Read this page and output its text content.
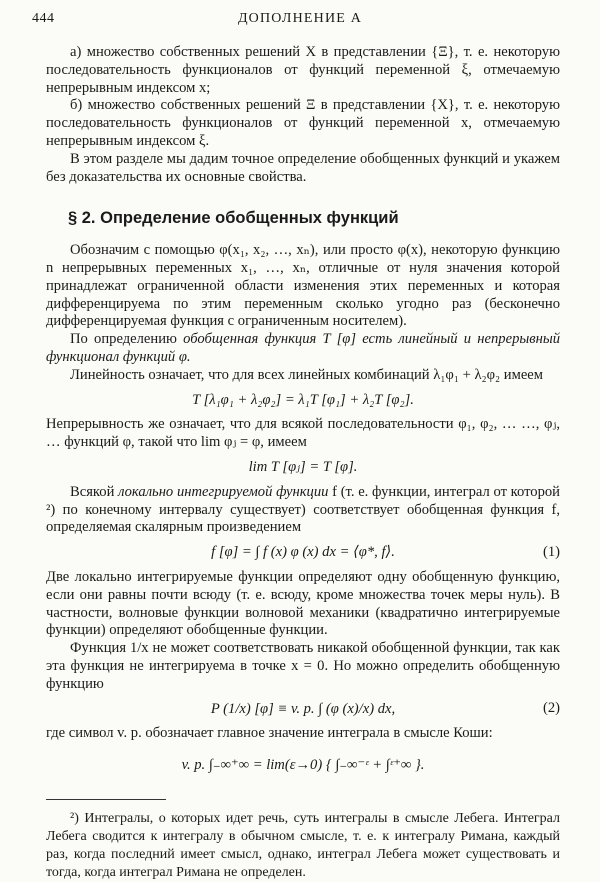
444	ДОПОЛНЕНИЕ А

а) множество собственных решений X в представлении {Ξ}, т. е. некоторую последовательность функционалов от функций переменной ξ, отмечаемую непрерывным индексом x;

б) множество собственных решений Ξ в представлении {X}, т. е. некоторую последовательность функционалов от функций переменной x, отмечаемую непрерывным индексом ξ.

В этом разделе мы дадим точное определение обобщенных функций и укажем без доказательства их основные свойства.

§ 2. Определение обобщенных функций

Обозначим с помощью φ(x₁, x₂, …, xₙ), или просто φ(x), некоторую функцию n непрерывных переменных x₁, …, xₙ, отличные от нуля значения которой принадлежат ограниченной области изменения этих переменных и которая дифференцируема по этим переменным сколько угодно раз (бесконечно дифференцируемая функция с ограниченным носителем).

По определению обобщенная функция T [φ] есть линейный и непрерывный функционал функций φ.

Линейность означает, что для всех линейных комбинаций λ₁φ₁ + λ₂φ₂ имеем

T [λ₁φ₁ + λ₂φ₂] = λ₁T [φ₁] + λ₂T [φ₂].

Непрерывность же означает, что для всякой последовательности φ₁, φ₂, … …, φⱼ, … функций φ, такой что lim φⱼ = φ, имеем

lim T [φⱼ] = T [φ].

Всякой локально интегрируемой функции f (т. е. функции, интеграл от которой ²) по конечному интервалу существует) соответствует обобщенная функция f, определяемая скалярным произведением

f [φ] = ∫ f (x) φ (x) dx = ⟨φ*, f⟩.	(1)

Две локально интегрируемые функции определяют одну обобщенную функцию, если они равны почти всюду (т. е. всюду, кроме множества точек меры нуль). В частности, волновые функции волновой механики (квадратично интегрируемые функции) определяют обобщенные функции.

Функция 1/x не может соответствовать никакой обобщенной функции, так как эта функция не интегрируема в точке x = 0. Но можно определить обобщенную функцию

P (1/x) [φ] ≡ v. p. ∫ (φ (x)/x) dx,	(2)

где символ v. p. обозначает главное значение интеграла в смысле Коши:

v. p. ∫₋∞⁺∞ = lim(ε→0) { ∫₋∞⁻ᵋ + ∫ᵋ⁺∞ }.

²) Интегралы, о которых идет речь, суть интегралы в смысле Лебега. Интеграл Лебега сводится к интегралу в обычном смысле, т. е. к интегралу Римана, каждый раз, когда последний имеет смысл, однако, интеграл Лебега может существовать и тогда, когда интеграл Римана не определен.
